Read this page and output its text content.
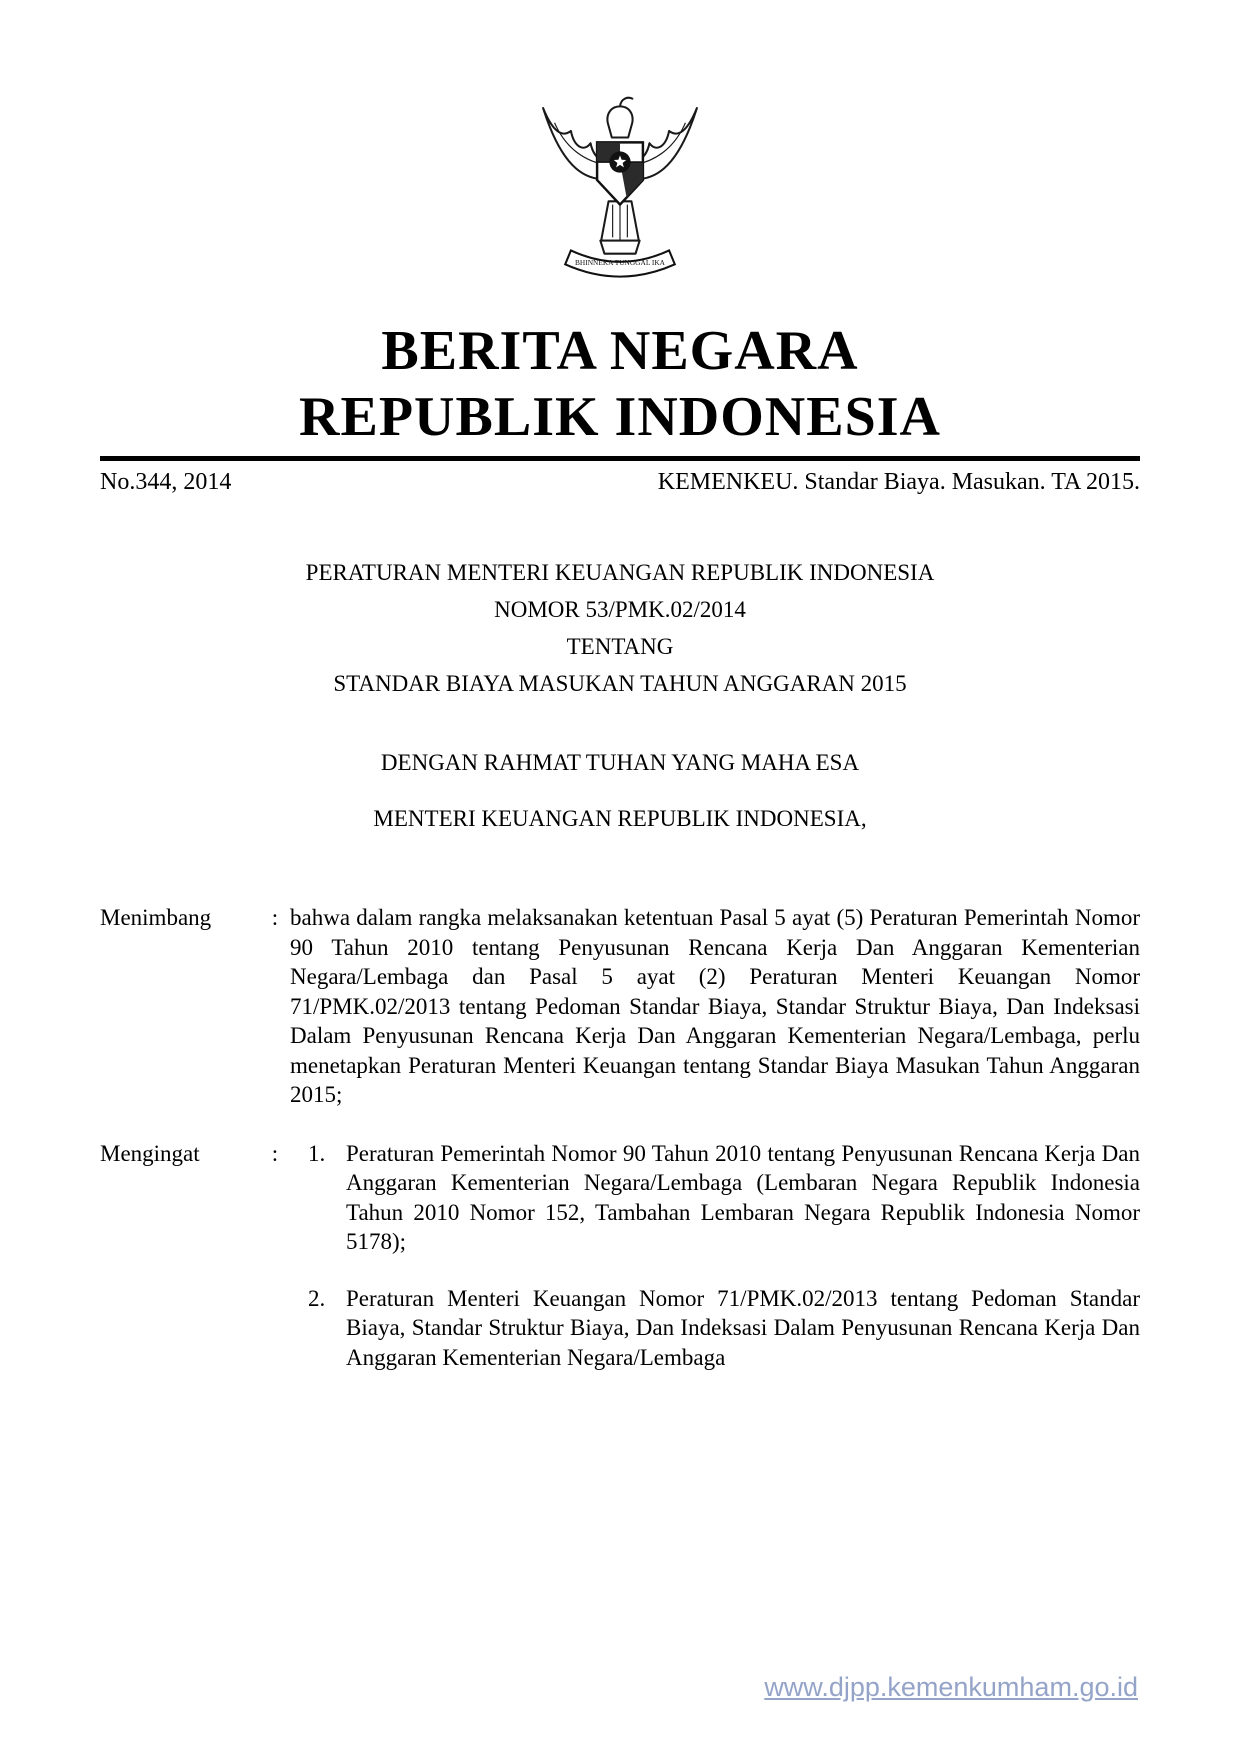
BHINNEKA TUNGGAL IKA
BERITA NEGARA
REPUBLIK INDONESIA
No.344, 2014	KEMENKEU. Standar Biaya. Masukan. TA 2015.

PERATURAN MENTERI KEUANGAN REPUBLIK INDONESIA

NOMOR 53/PMK.02/2014

TENTANG

STANDAR BIAYA MASUKAN TAHUN ANGGARAN 2015

DENGAN RAHMAT TUHAN YANG MAHA ESA

MENTERI KEUANGAN REPUBLIK INDONESIA,

Menimbang	: bahwa dalam rangka melaksanakan ketentuan Pasal 5 ayat (5) Peraturan Pemerintah Nomor 90 Tahun 2010 tentang Penyusunan Rencana Kerja Dan Anggaran Kementerian Negara/Lembaga dan Pasal 5 ayat (2) Peraturan Menteri Keuangan Nomor 71/PMK.02/2013 tentang Pedoman Standar Biaya, Standar Struktur Biaya, Dan Indeksasi Dalam Penyusunan Rencana Kerja Dan Anggaran Kementerian Negara/Lembaga, perlu menetapkan Peraturan Menteri Keuangan tentang Standar Biaya Masukan Tahun Anggaran 2015;
Mengingat	:	1. Peraturan Pemerintah Nomor 90 Tahun 2010 tentang Penyusunan Rencana Kerja Dan Anggaran Kementerian Negara/Lembaga (Lembaran Negara Republik Indonesia Tahun 2010 Nomor 152, Tambahan Lembaran Negara Republik Indonesia Nomor 5178);
2. Peraturan Menteri Keuangan Nomor 71/PMK.02/2013 tentang Pedoman Standar Biaya, Standar Struktur Biaya, Dan Indeksasi Dalam Penyusunan Rencana Kerja Dan Anggaran Kementerian Negara/Lembaga
www.djpp.kemenkumham.go.id
